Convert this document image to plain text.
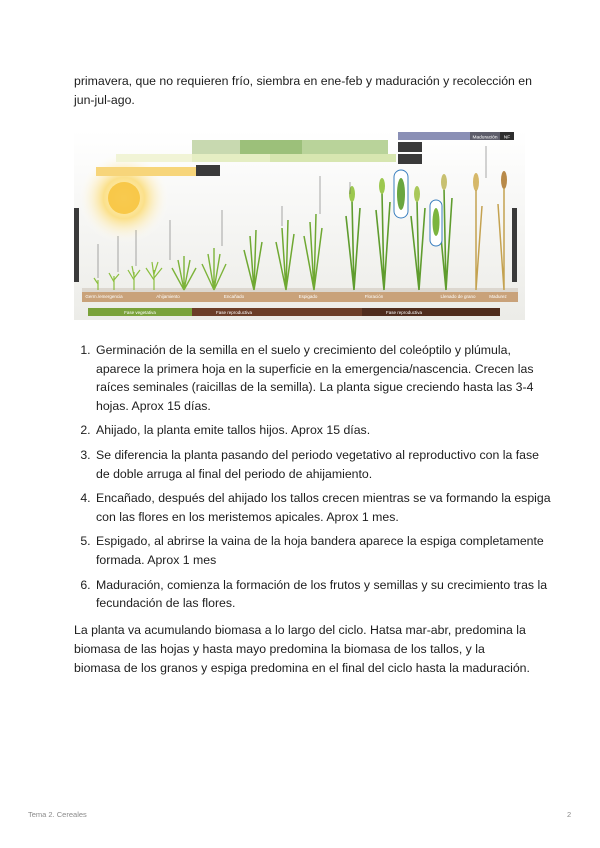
primavera, que no requieren frío, siembra en ene-feb y maduración y recolección en jun-jul-ago.

Maduración NF
Germ./emergencia	Ahijamiento	Encañado	Espigado	Floración	Llenado de grano	Madurez
Fase vegetativa	Fase reproductiva	Fase reproductiva
1. Germinación de la semilla en el suelo y crecimiento del coleóptilo y plúmula, aparece la primera hoja en la superficie en la emergencia/nascencia. Crecen las raíces seminales (raicillas de la semilla). La planta sigue creciendo hasta las 3-4 hojas. Aprox 15 días.
2. Ahijado, la planta emite tallos hijos. Aprox 15 días.
3. Se diferencia la planta pasando del periodo vegetativo al reproductivo con la fase de doble arruga al final del periodo de ahijamiento.
4. Encañado, después del ahijado los tallos crecen mientras se va formando la espiga con las flores en los meristemos apicales. Aprox 1 mes.
5. Espigado, al abrirse la vaina de la hoja bandera aparece la espiga completamente formada. Aprox 1 mes
6. Maduración, comienza la formación de los frutos y semillas y su crecimiento tras la fecundación de las flores.

La planta va acumulando biomasa a lo largo del ciclo. Hatsa mar-abr, predomina la biomasa de las hojas y hasta mayo predomina la biomasa de los tallos, y la biomasa de los granos y espiga predomina en el final del ciclo hasta la maduración.

Tema 2. Cereales	2
